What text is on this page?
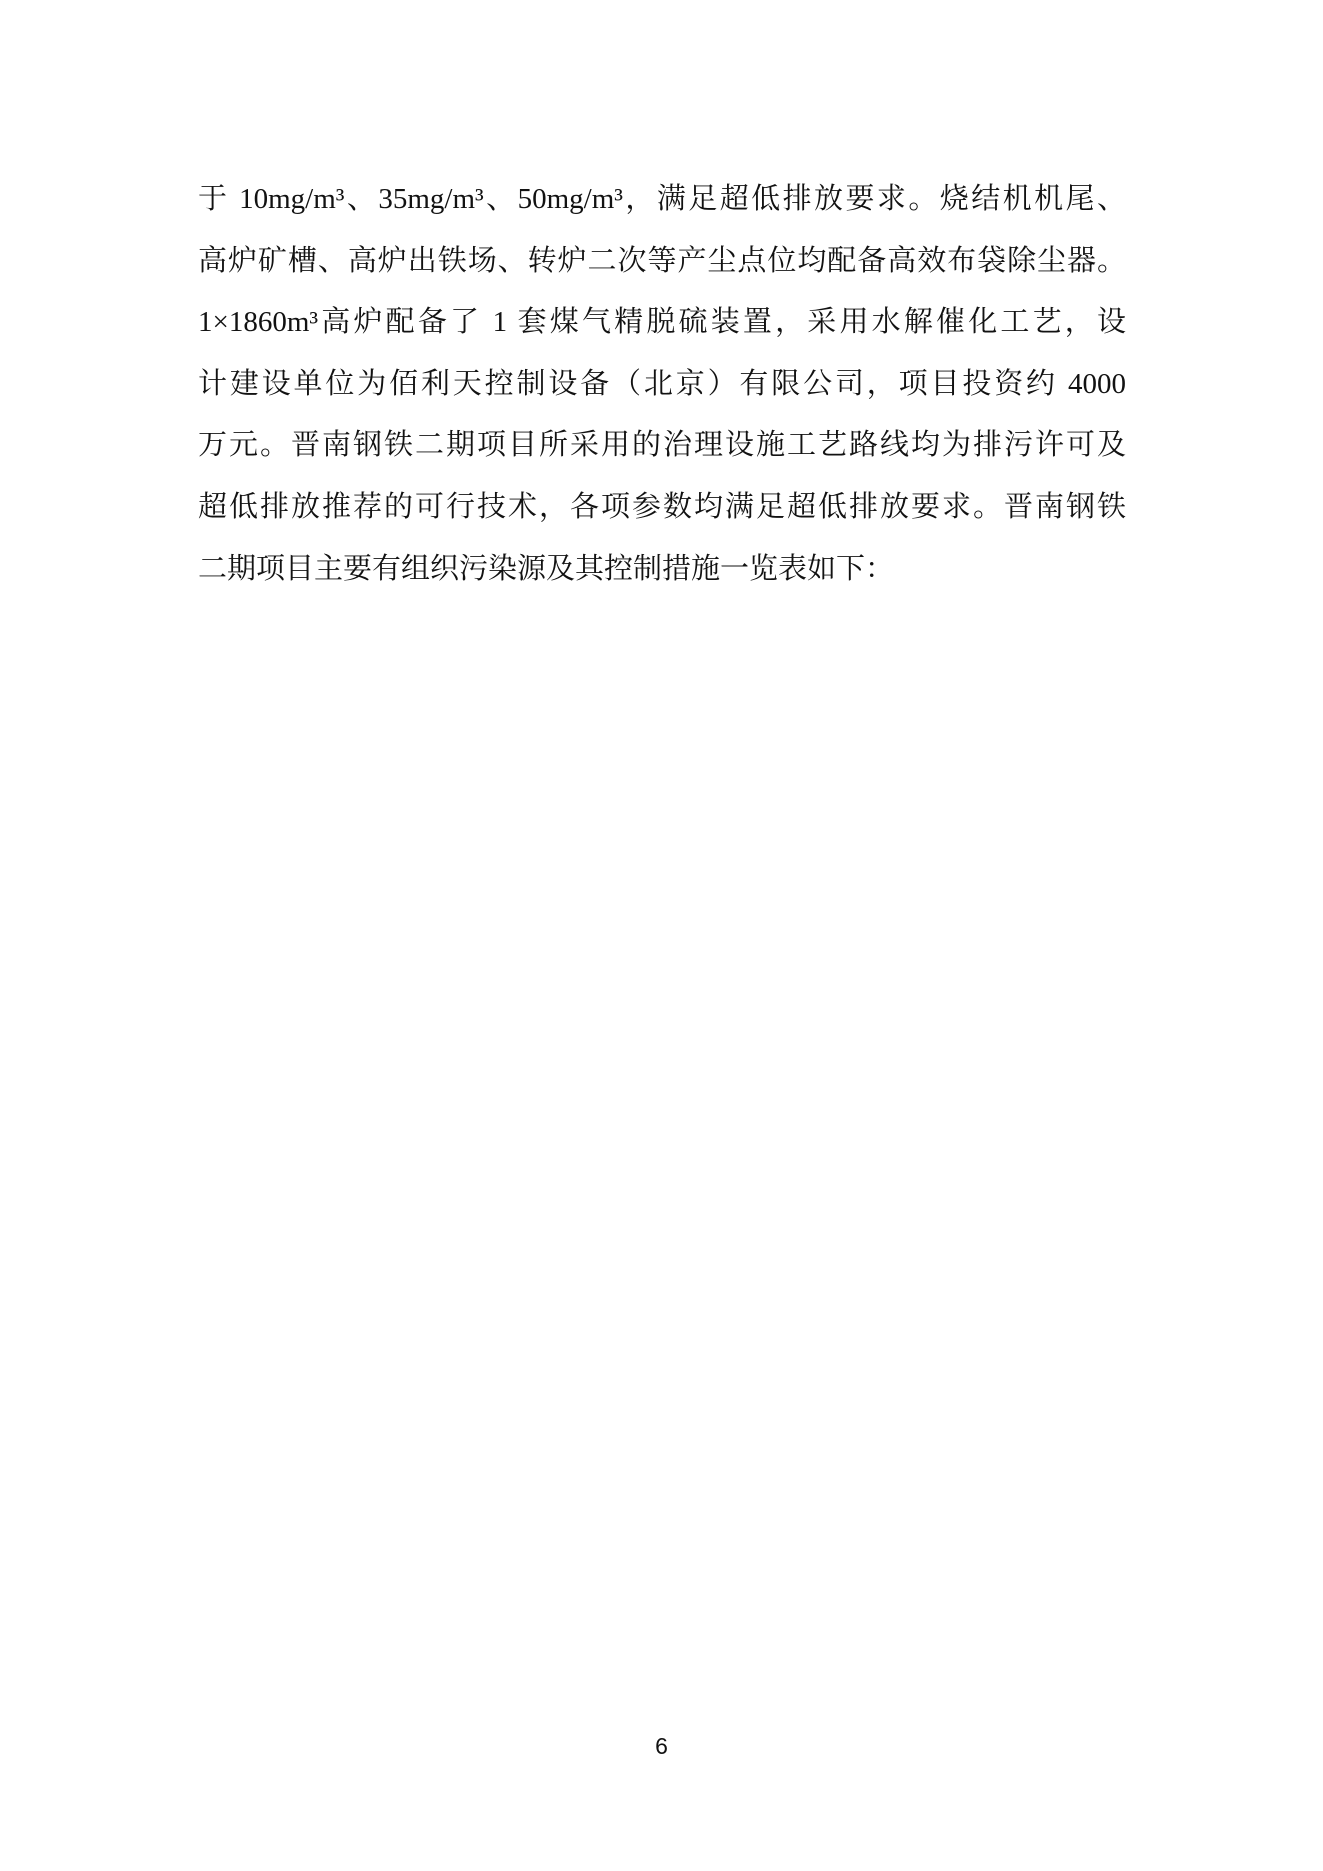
于 10mg/m³、35mg/m³、50mg/m³，满足超低排放要求。烧结机机尾、
高炉矿槽、高炉出铁场、转炉二次等产尘点位均配备高效布袋除尘器。
1×1860m³高炉配备了 1 套煤气精脱硫装置，采用水解催化工艺，设
计建设单位为佰利天控制设备（北京）有限公司，项目投资约 4000
万元。晋南钢铁二期项目所采用的治理设施工艺路线均为排污许可及
超低排放推荐的可行技术，各项参数均满足超低排放要求。晋南钢铁
二期项目主要有组织污染源及其控制措施一览表如下：
6
